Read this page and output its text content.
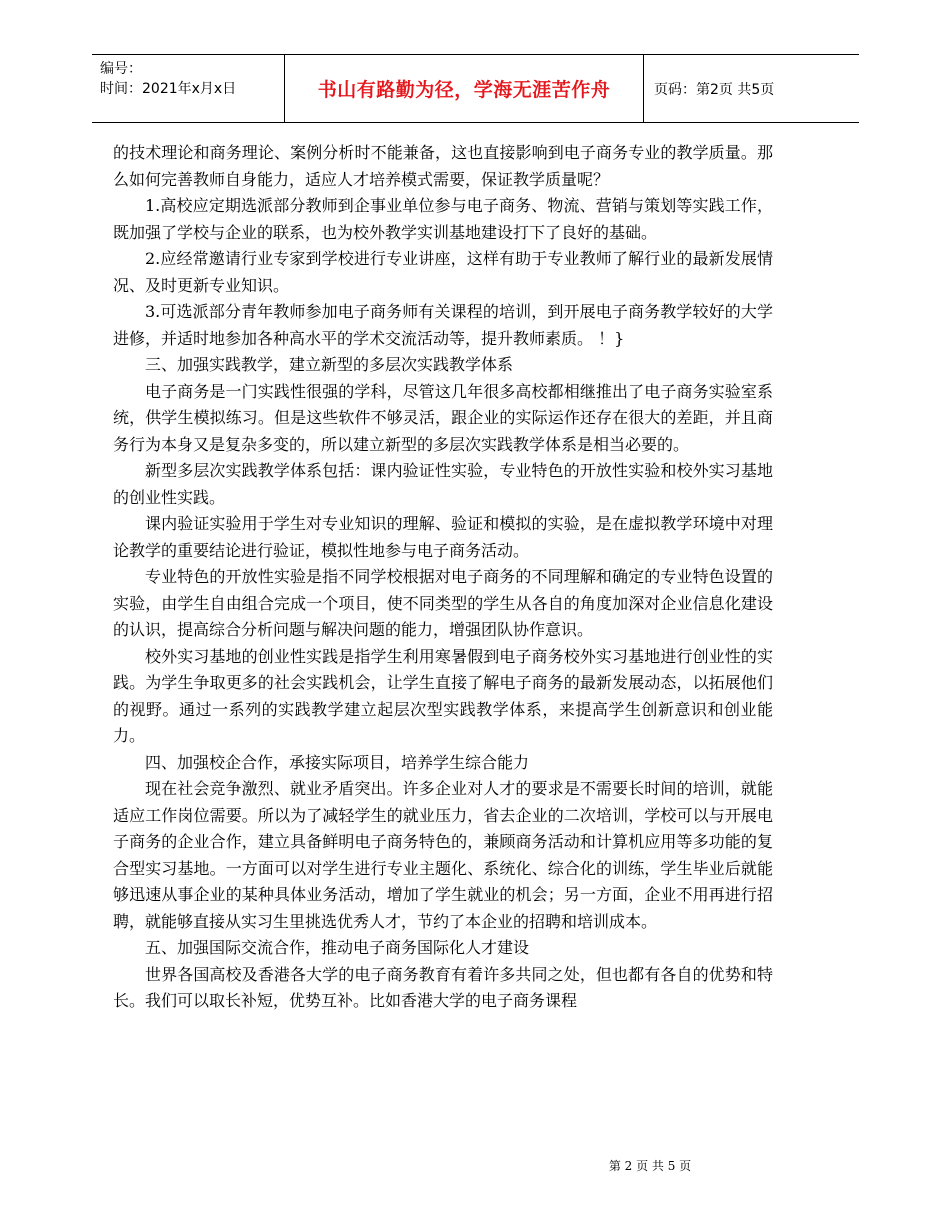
编号：
时间：2021年x月x日	书山有路勤为径，学海无涯苦作舟	页码：第2页 共5页

的技术理论和商务理论、案例分析时不能兼备，这也直接影响到电子商务专业的教学质量。那么如何完善教师自身能力，适应人才培养模式需要，保证教学质量呢？

1.高校应定期选派部分教师到企事业单位参与电子商务、物流、营销与策划等实践工作，既加强了学校与企业的联系，也为校外教学实训基地建设打下了良好的基础。

2.应经常邀请行业专家到学校进行专业讲座，这样有助于专业教师了解行业的最新发展情况、及时更新专业知识。

3.可选派部分青年教师参加电子商务师有关课程的培训，到开展电子商务教学较好的大学进修，并适时地参加各种高水平的学术交流活动等，提升教师素质。 ！}

三、加强实践教学，建立新型的多层次实践教学体系

电子商务是一门实践性很强的学科，尽管这几年很多高校都相继推出了电子商务实验室系统，供学生模拟练习。但是这些软件不够灵活，跟企业的实际运作还存在很大的差距，并且商务行为本身又是复杂多变的，所以建立新型的多层次实践教学体系是相当必要的。

新型多层次实践教学体系包括：课内验证性实验，专业特色的开放性实验和校外实习基地的创业性实践。

课内验证实验用于学生对专业知识的理解、验证和模拟的实验，是在虚拟教学环境中对理论教学的重要结论进行验证，模拟性地参与电子商务活动。

专业特色的开放性实验是指不同学校根据对电子商务的不同理解和确定的专业特色设置的实验，由学生自由组合完成一个项目，使不同类型的学生从各自的角度加深对企业信息化建设的认识，提高综合分析问题与解决问题的能力，增强团队协作意识。

校外实习基地的创业性实践是指学生利用寒暑假到电子商务校外实习基地进行创业性的实践。为学生争取更多的社会实践机会，让学生直接了解电子商务的最新发展动态，以拓展他们的视野。通过一系列的实践教学建立起层次型实践教学体系，来提高学生创新意识和创业能力。

四、加强校企合作，承接实际项目，培养学生综合能力

现在社会竞争激烈、就业矛盾突出。许多企业对人才的要求是不需要长时间的培训，就能适应工作岗位需要。所以为了减轻学生的就业压力，省去企业的二次培训，学校可以与开展电子商务的企业合作，建立具备鲜明电子商务特色的，兼顾商务活动和计算机应用等多功能的复合型实习基地。一方面可以对学生进行专业主题化、系统化、综合化的训练，学生毕业后就能够迅速从事企业的某种具体业务活动，增加了学生就业的机会；另一方面，企业不用再进行招聘，就能够直接从实习生里挑选优秀人才，节约了本企业的招聘和培训成本。

五、加强国际交流合作，推动电子商务国际化人才建设

世界各国高校及香港各大学的电子商务教育有着许多共同之处，但也都有各自的优势和特长。我们可以取长补短，优势互补。比如香港大学的电子商务课程

第 2 页 共 5 页
